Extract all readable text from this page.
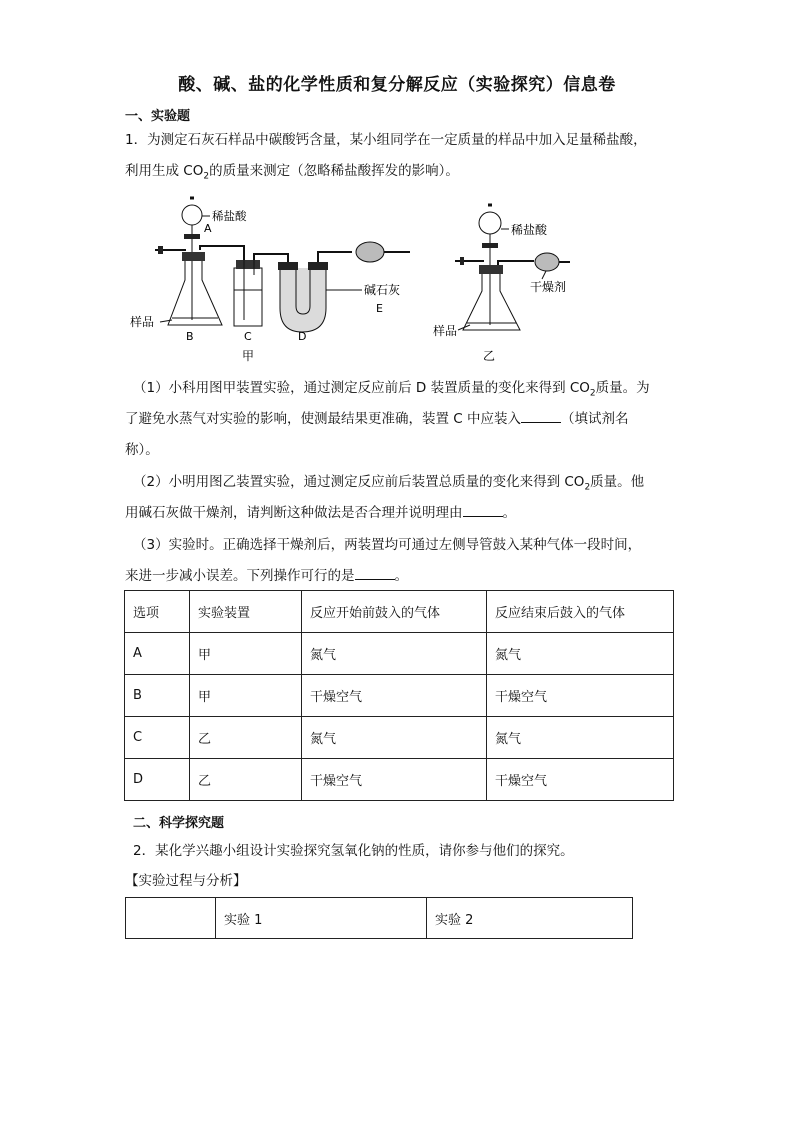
酸、碱、盐的化学性质和复分解反应（实验探究）信息卷
一、实验题
1．为测定石灰石样品中碳酸钙含量，某小组同学在一定质量的样品中加入足量稀盐酸，
利用生成 $CO_2$的质量来测定（忽略稀盐酸挥发的影响）。
稀盐酸
A
碱石灰
E
样品
B	C	D
甲
稀盐酸
干燥剂
样品
乙
（1）小科用图甲装置实验，通过测定反应前后 D 装置质量的变化来得到 $CO_2$质量。为
了避免水蒸气对实验的影响，使测最结果更准确，装置 C 中应装入	（填试剂名
称）。
（2）小明用图乙装置实验，通过测定反应前后装置总质量的变化来得到 $CO_2$质量。他
用碱石灰做干燥剂，请判断这种做法是否合理并说明理由	。
（3）实验时。正确选择干燥剂后，两装置均可通过左侧导管鼓入某种气体一段时间，
来进一步减小误差。下列操作可行的是	。
选项	实验装置	反应开始前鼓入的气体	反应结束后鼓入的气体
A	甲	氮气	氮气
B	甲	干燥空气	干燥空气
C	乙	氮气	氮气
D	乙	干燥空气	干燥空气
二、科学探究题
2．某化学兴趣小组设计实验探究氢氧化钠的性质，请你参与他们的探究。
【实验过程与分析】
	实验 1	实验 2
